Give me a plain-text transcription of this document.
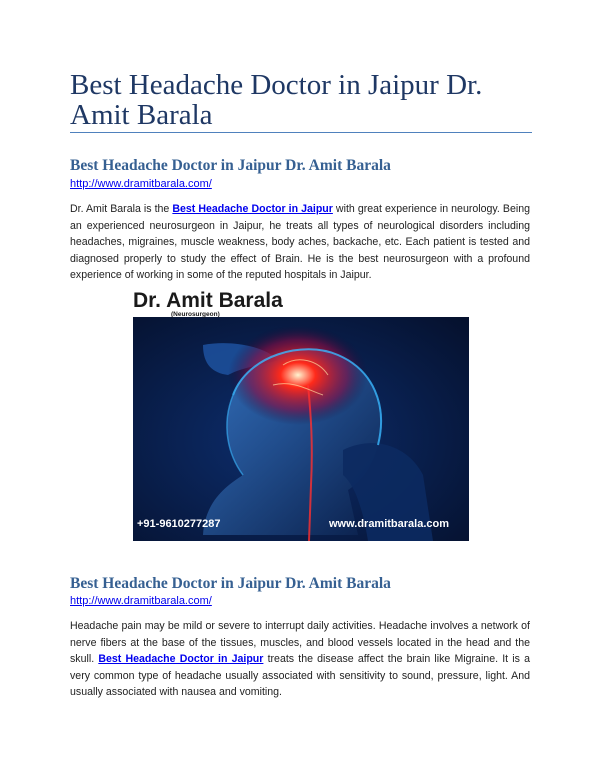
Best Headache Doctor in Jaipur Dr. Amit Barala
Best Headache Doctor in Jaipur Dr. Amit Barala
http://www.dramitbarala.com/
Dr. Amit Barala is the Best Headache Doctor in Jaipur with great experience in neurology. Being an experienced neurosurgeon in Jaipur, he treats all types of neurological disorders including headaches, migraines, muscle weakness, body aches, backache, etc. Each patient is tested and diagnosed properly to study the effect of Brain. He is the best neurosurgeon with a profound experience of working in some of the reputed hospitals in Jaipur.
Dr. Amit Barala
(Neurosurgeon)
+91-9610277287	www.dramitbarala.com
Best Headache Doctor in Jaipur Dr. Amit Barala
http://www.dramitbarala.com/
Headache pain may be mild or severe to interrupt daily activities. Headache involves a network of nerve fibers at the base of the tissues, muscles, and blood vessels located in the head and the skull. Best Headache Doctor in Jaipur treats the disease affect the brain like Migraine. It is a very common type of headache usually associated with sensitivity to sound, pressure, light. And usually associated with nausea and vomiting.
